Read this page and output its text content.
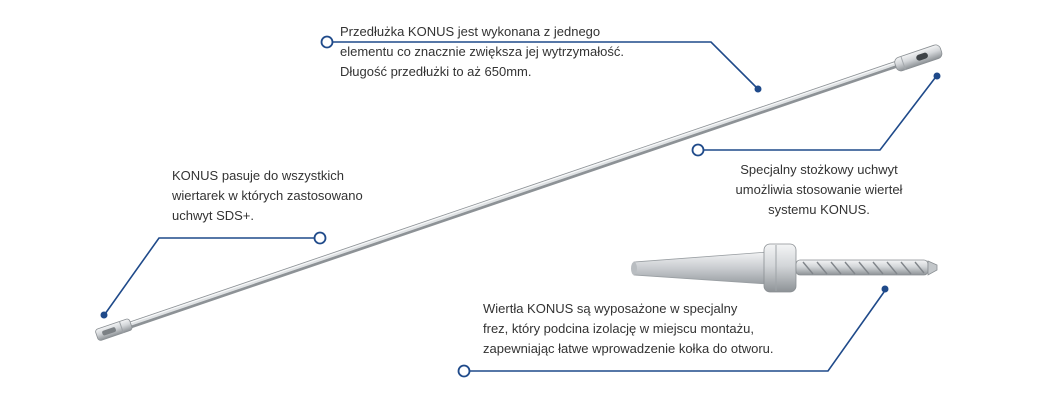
Przedłużka KONUS jest wykonana z jednego
elementu co znacznie zwiększa jej wytrzymałość.
Długość przedłużki to aż 650mm.

KONUS pasuje do wszystkich
wiertarek w których zastosowano
uchwyt SDS+.

Specjalny stożkowy uchwyt
umożliwia stosowanie wierteł
systemu KONUS.

Wiertła KONUS są wyposażone w specjalny
frez, który podcina izolację w miejscu montażu,
zapewniając łatwe wprowadzenie kołka do otworu.
